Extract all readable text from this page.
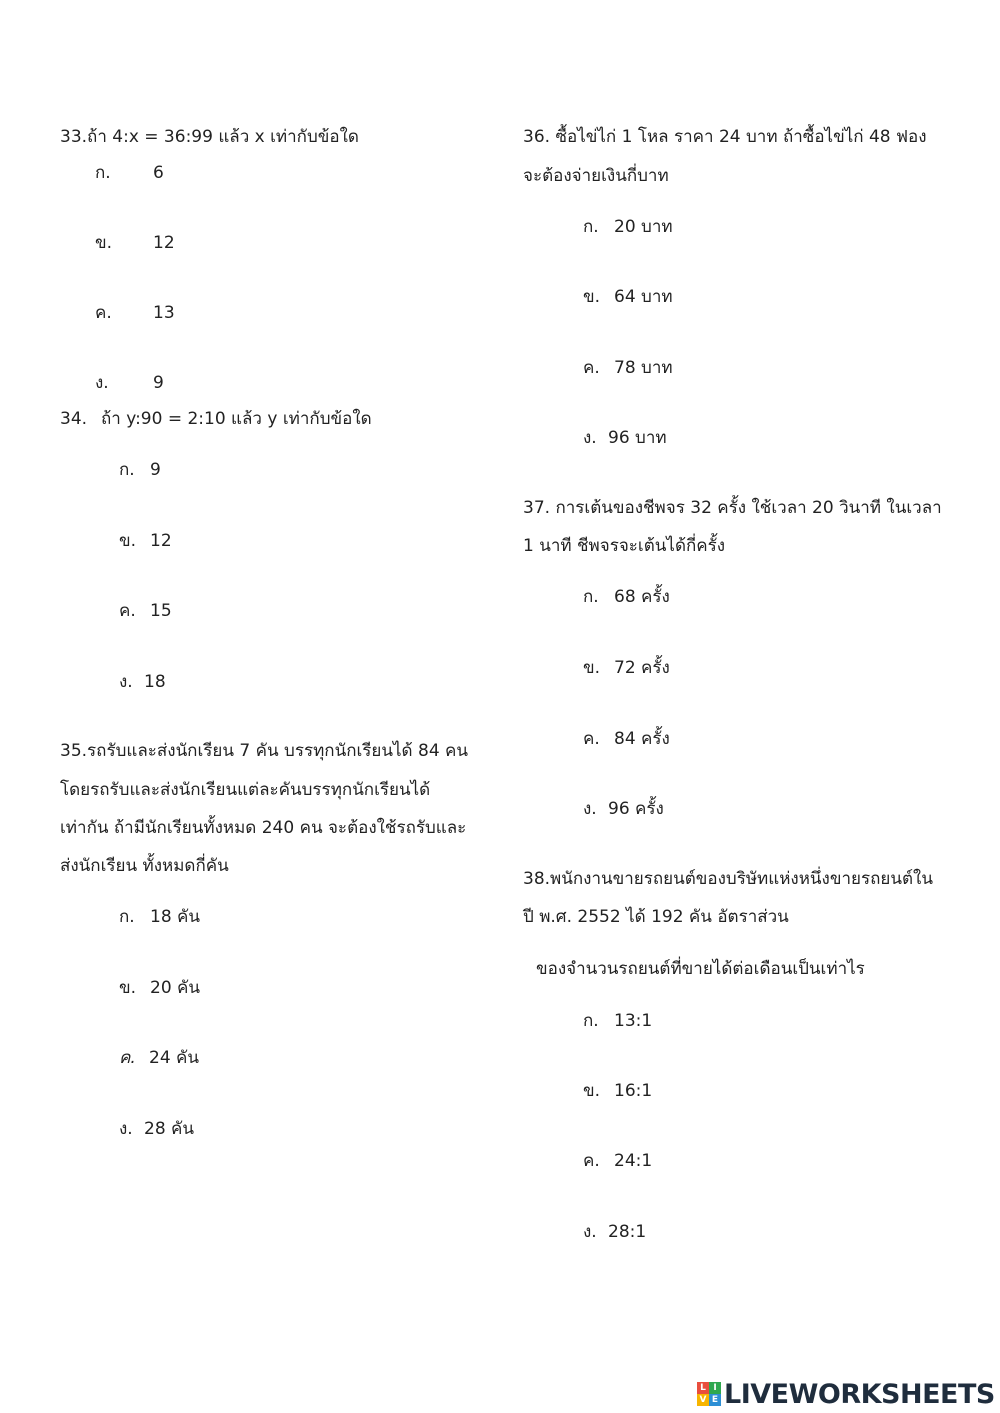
33.ถ้า 4:x = 36:99 แล้ว x เท่ากับข้อใด
ก. 6
ข. 12
ค. 13
ง.	9
34. ถ้า y:90 = 2:10 แล้ว y เท่ากับข้อใด
ก. 9
ข. 12
ค. 15
ง. 18
35.รถรับและส่งนักเรียน 7 คัน บรรทุกนักเรียนได้ 84 คน
โดยรถรับและส่งนักเรียนแต่ละคันบรรทุกนักเรียนได้
เท่ากัน ถ้ามีนักเรียนทั้งหมด 240 คน จะต้องใช้รถรับและ
ส่งนักเรียน ทั้งหมดกี่คัน
ก. 18 คัน
ข. 20 คัน
ค. 24 คัน
ง. 28 คัน
36. ซื้อไข่ไก่ 1 โหล ราคา 24 บาท ถ้าซื้อไข่ไก่ 48 ฟอง
จะต้องจ่ายเงินกี่บาท
ก. 20 บาท
ข. 64 บาท
ค. 78 บาท
ง. 96 บาท
37. การเต้นของชีพจร 32 ครั้ง ใช้เวลา 20 วินาที ในเวลา
1 นาที ชีพจรจะเต้นได้กี่ครั้ง
ก. 68 ครั้ง
ข. 72 ครั้ง
ค. 84 ครั้ง
ง. 96 ครั้ง
38.พนักงานขายรถยนต์ของบริษัทแห่งหนึ่งขายรถยนต์ใน
ปี พ.ศ. 2552 ได้ 192 คัน อัตราส่วน
ของจำนวนรถยนต์ที่ขายได้ต่อเดือนเป็นเท่าไร
ก. 13:1
ข. 16:1
ค. 24:1
ง. 28:1
L I
V E LIVEWORKSHEETS
